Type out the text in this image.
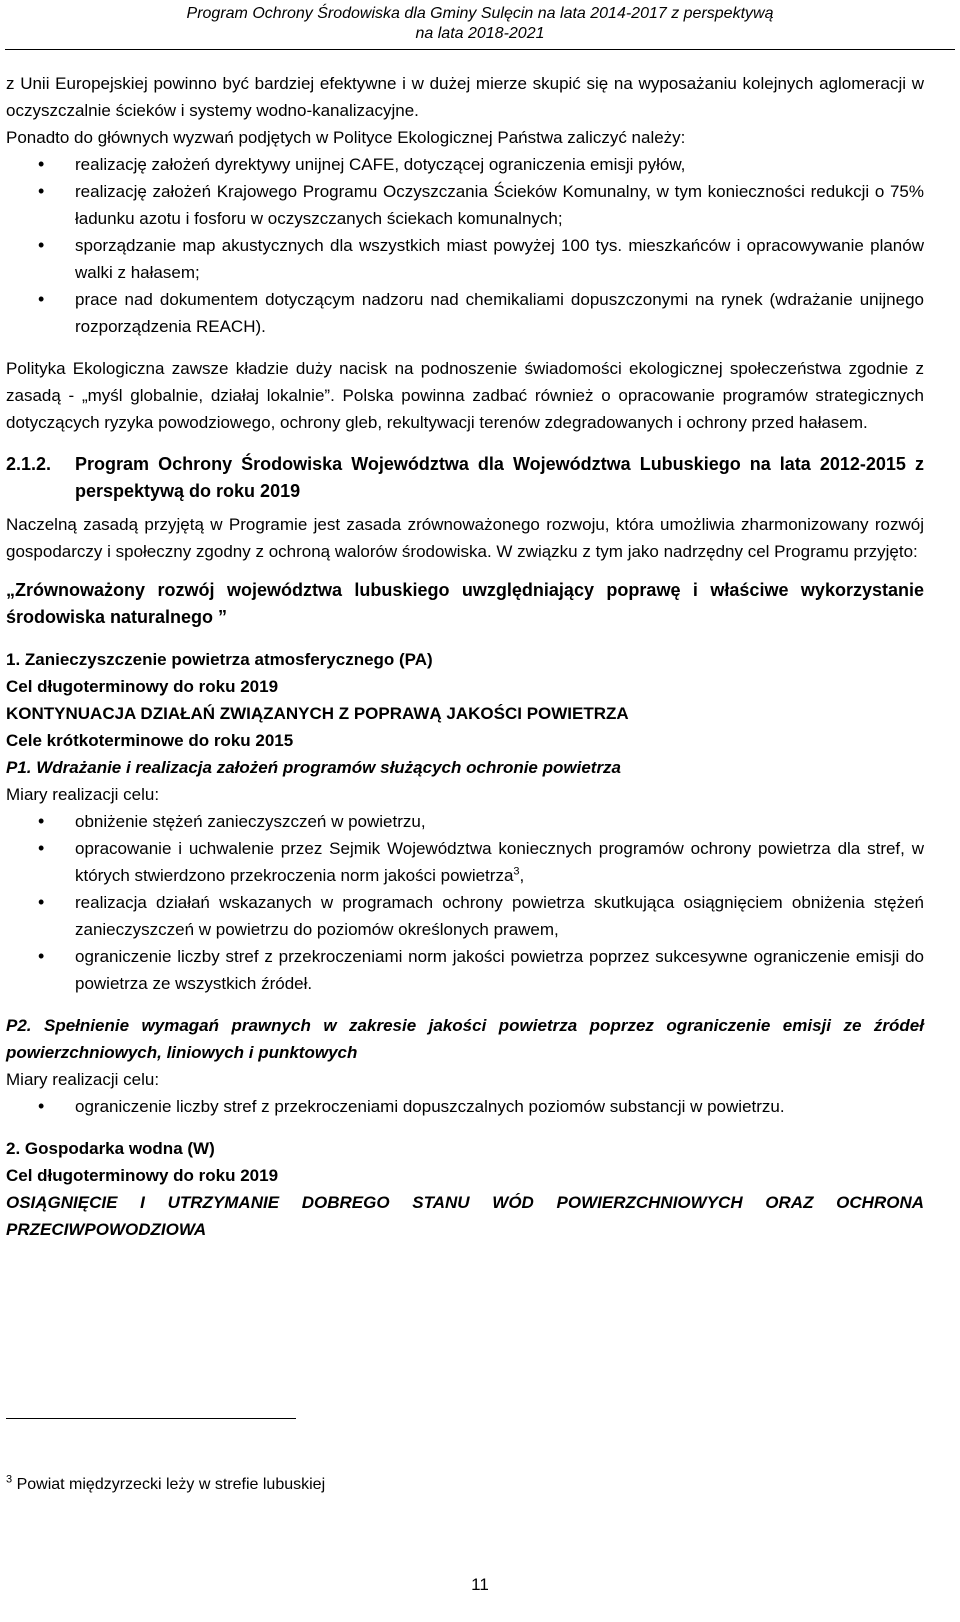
Program Ochrony Środowiska dla Gminy Sulęcin na lata 2014-2017 z perspektywą
na lata 2018-2021

z Unii Europejskiej powinno być bardziej efektywne i w dużej mierze skupić się na wyposażaniu kolejnych aglomeracji w oczyszczalnie ścieków i systemy wodno-kanalizacyjne.

Ponadto do głównych wyzwań podjętych w Polityce Ekologicznej Państwa zaliczyć należy:

• realizację założeń dyrektywy unijnej CAFE, dotyczącej ograniczenia emisji pyłów,
• realizację założeń Krajowego Programu Oczyszczania Ścieków Komunalny, w tym konieczności redukcji o 75% ładunku azotu i fosforu w oczyszczanych ściekach komunalnych;
• sporządzanie map akustycznych dla wszystkich miast powyżej 100 tys. mieszkańców i opracowywanie planów walki z hałasem;
• prace nad dokumentem dotyczącym nadzoru nad chemikaliami dopuszczonymi na rynek (wdrażanie unijnego rozporządzenia REACH).

Polityka Ekologiczna zawsze kładzie duży nacisk na podnoszenie świadomości ekologicznej społeczeństwa zgodnie z zasadą - „myśl globalnie, działaj lokalnie”. Polska powinna zadbać również o opracowanie programów strategicznych dotyczących ryzyka powodziowego, ochrony gleb, rekultywacji terenów zdegradowanych i ochrony przed hałasem.

2.1.2.	Program Ochrony Środowiska Województwa dla Województwa Lubuskiego na lata 2012-2015 z perspektywą do roku 2019

Naczelną zasadą przyjętą w Programie jest zasada zrównoważonego rozwoju, która umożliwia zharmonizowany rozwój gospodarczy i społeczny zgodny z ochroną walorów środowiska. W związku z tym jako nadrzędny cel Programu przyjęto:

„Zrównoważony rozwój województwa lubuskiego uwzględniający poprawę i właściwe wykorzystanie środowiska naturalnego ”

1. Zanieczyszczenie powietrza atmosferycznego (PA)

Cel długoterminowy do roku 2019

KONTYNUACJA DZIAŁAŃ ZWIĄZANYCH Z POPRAWĄ JAKOŚCI POWIETRZA

Cele krótkoterminowe do roku 2015

P1. Wdrażanie i realizacja założeń programów służących ochronie powietrza

Miary realizacji celu:

• obniżenie stężeń zanieczyszczeń w powietrzu,
• opracowanie i uchwalenie przez Sejmik Województwa koniecznych programów ochrony powietrza dla stref, w których stwierdzono przekroczenia norm jakości powietrza$^3$,
• realizacja działań wskazanych w programach ochrony powietrza skutkująca osiągnięciem obniżenia stężeń zanieczyszczeń w powietrzu do poziomów określonych prawem,
• ograniczenie liczby stref z przekroczeniami norm jakości powietrza poprzez sukcesywne ograniczenie emisji do powietrza ze wszystkich źródeł.

P2. Spełnienie wymagań prawnych w zakresie jakości powietrza poprzez ograniczenie emisji ze źródeł powierzchniowych, liniowych i punktowych

Miary realizacji celu:

• ograniczenie liczby stref z przekroczeniami dopuszczalnych poziomów substancji w powietrzu.

2. Gospodarka wodna (W)

Cel długoterminowy do roku 2019

OSIĄGNIĘCIE I UTRZYMANIE DOBREGO STANU WÓD POWIERZCHNIOWYCH ORAZ OCHRONA PRZECIWPOWODZIOWA

$^3$ Powiat międzyrzecki leży w strefie lubuskiej
11
